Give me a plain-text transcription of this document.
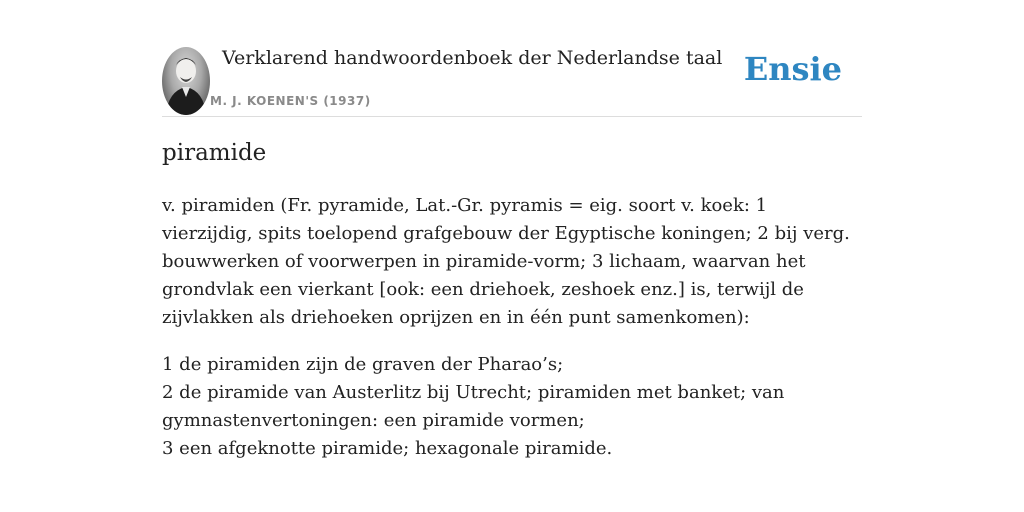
Verklarend handwoordenboek der Nederlandse taal
M. J. KOENEN'S (1937)
Ensie
piramide

v. piramiden (Fr. pyramide, Lat.-Gr. pyramis = eig. soort v. koek: 1 vierzijdig, spits toelopend grafgebouw der Egyptische koningen; 2 bij verg. bouwwerken of voorwerpen in piramide-vorm; 3 lichaam, waarvan het grondvlak een vierkant [ook: een driehoek, zeshoek enz.] is, terwijl de zijvlakken als driehoeken oprijzen en in één punt samenkomen):

1 de piramiden zijn de graven der Pharao’s;
2 de piramide van Austerlitz bij Utrecht; piramiden met banket; van gymnastenvertoningen: een piramide vormen;
3 een afgeknotte piramide; hexagonale piramide.
